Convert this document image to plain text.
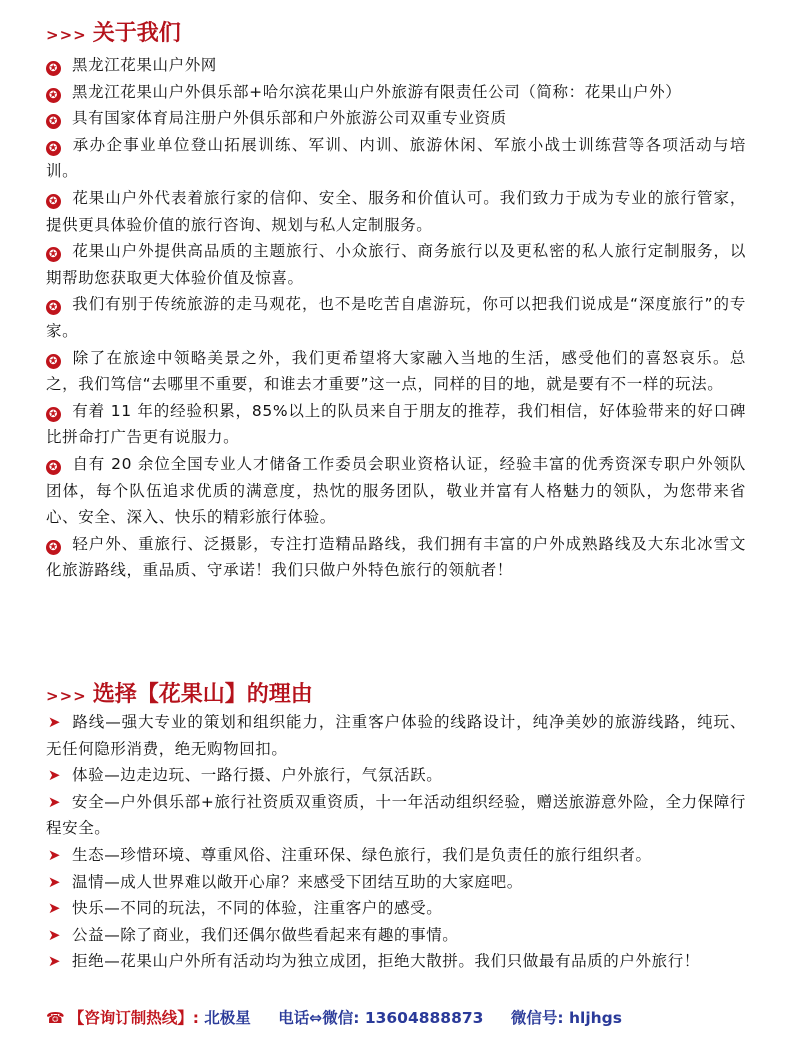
>>> 关于我们
✪ 黑龙江花果山户外网
✪ 黑龙江花果山户外俱乐部+哈尔滨花果山户外旅游有限责任公司（简称：花果山户外）
✪ 具有国家体育局注册户外俱乐部和户外旅游公司双重专业资质
✪ 承办企事业单位登山拓展训练、军训、内训、旅游休闲、军旅小战士训练营等各项活动与培训。
✪ 花果山户外代表着旅行家的信仰、安全、服务和价值认可。我们致力于成为专业的旅行管家，提供更具体验价值的旅行咨询、规划与私人定制服务。
✪ 花果山户外提供高品质的主题旅行、小众旅行、商务旅行以及更私密的私人旅行定制服务，以期帮助您获取更大体验价值及惊喜。
✪ 我们有别于传统旅游的走马观花，也不是吃苦自虐游玩，你可以把我们说成是“深度旅行”的专家。
✪ 除了在旅途中领略美景之外，我们更希望将大家融入当地的生活，感受他们的喜怒哀乐。总之，我们笃信“去哪里不重要，和谁去才重要”这一点，同样的目的地，就是要有不一样的玩法。
✪ 有着 11 年的经验积累，85%以上的队员来自于朋友的推荐，我们相信，好体验带来的好口碑比拼命打广告更有说服力。
✪ 自有 20 余位全国专业人才储备工作委员会职业资格认证，经验丰富的优秀资深专职户外领队团体，每个队伍追求优质的满意度，热忱的服务团队，敬业并富有人格魅力的领队，为您带来省心、安全、深入、快乐的精彩旅行体验。
✪ 轻户外、重旅行、泛摄影，专注打造精品路线，我们拥有丰富的户外成熟路线及大东北冰雪文化旅游路线，重品质、守承诺！我们只做户外特色旅行的领航者！
>>> 选择【花果山】的理由
➤ 路线—强大专业的策划和组织能力，注重客户体验的线路设计，纯净美妙的旅游线路，纯玩、无任何隐形消费，绝无购物回扣。
➤ 体验—边走边玩、一路行摄、户外旅行，气氛活跃。
➤ 安全—户外俱乐部+旅行社资质双重资质，十一年活动组织经验，赠送旅游意外险，全力保障行程安全。
➤ 生态—珍惜环境、尊重风俗、注重环保、绿色旅行，我们是负责任的旅行组织者。
➤ 温情—成人世界难以敞开心扉？来感受下团结互助的大家庭吧。
➤ 快乐—不同的玩法，不同的体验，注重客户的感受。
➤ 公益—除了商业，我们还偶尔做些看起来有趣的事情。
➤ 拒绝—花果山户外所有活动均为独立成团，拒绝大散拼。我们只做最有品质的户外旅行！
☎ 【咨询订制热线】: 北极星 电话⇔微信: 13604888873 微信号: hljhgs
